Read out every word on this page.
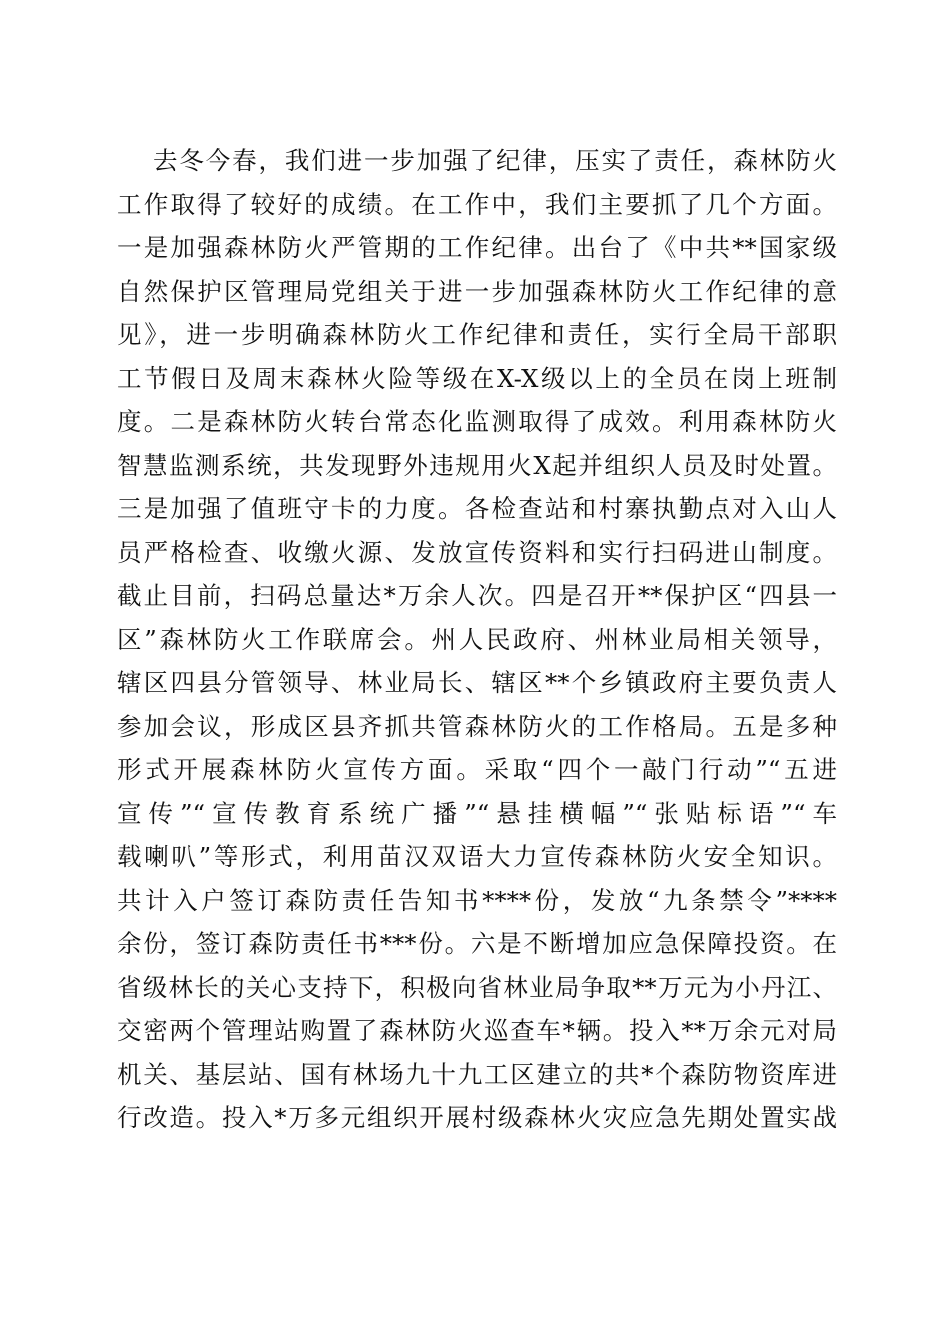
去冬今春，我们进一步加强了纪律，压实了责任，森林防火
工作取得了较好的成绩。在工作中，我们主要抓了几个方面。
一是加强森林防火严管期的工作纪律。出台了《中共**国家级
自然保护区管理局党组关于进一步加强森林防火工作纪律的意
见》，进一步明确森林防火工作纪律和责任，实行全局干部职
工节假日及周末森林火险等级在X-X级以上的全员在岗上班制
度。二是森林防火转台常态化监测取得了成效。利用森林防火
智慧监测系统，共发现野外违规用火X起并组织人员及时处置。
三是加强了值班守卡的力度。各检查站和村寨执勤点对入山人
员严格检查、收缴火源、发放宣传资料和实行扫码进山制度。
截止目前，扫码总量达*万余人次。四是召开**保护区“四县一
区”森林防火工作联席会。州人民政府、州林业局相关领导，
辖区四县分管领导、林业局长、辖区**个乡镇政府主要负责人
参加会议，形成区县齐抓共管森林防火的工作格局。五是多种
形式开展森林防火宣传方面。采取“四个一敲门行动”“五进
宣传”“宣传教育系统广播”“悬挂横幅”“张贴标语”“车
载喇叭”等形式，利用苗汉双语大力宣传森林防火安全知识。
共计入户签订森防责任告知书****份，发放“九条禁令”****
余份，签订森防责任书***份。六是不断增加应急保障投资。在
省级林长的关心支持下，积极向省林业局争取**万元为小丹江、
交密两个管理站购置了森林防火巡查车*辆。投入**万余元对局
机关、基层站、国有林场九十九工区建立的共*个森防物资库进
行改造。投入*万多元组织开展村级森林火灾应急先期处置实战
